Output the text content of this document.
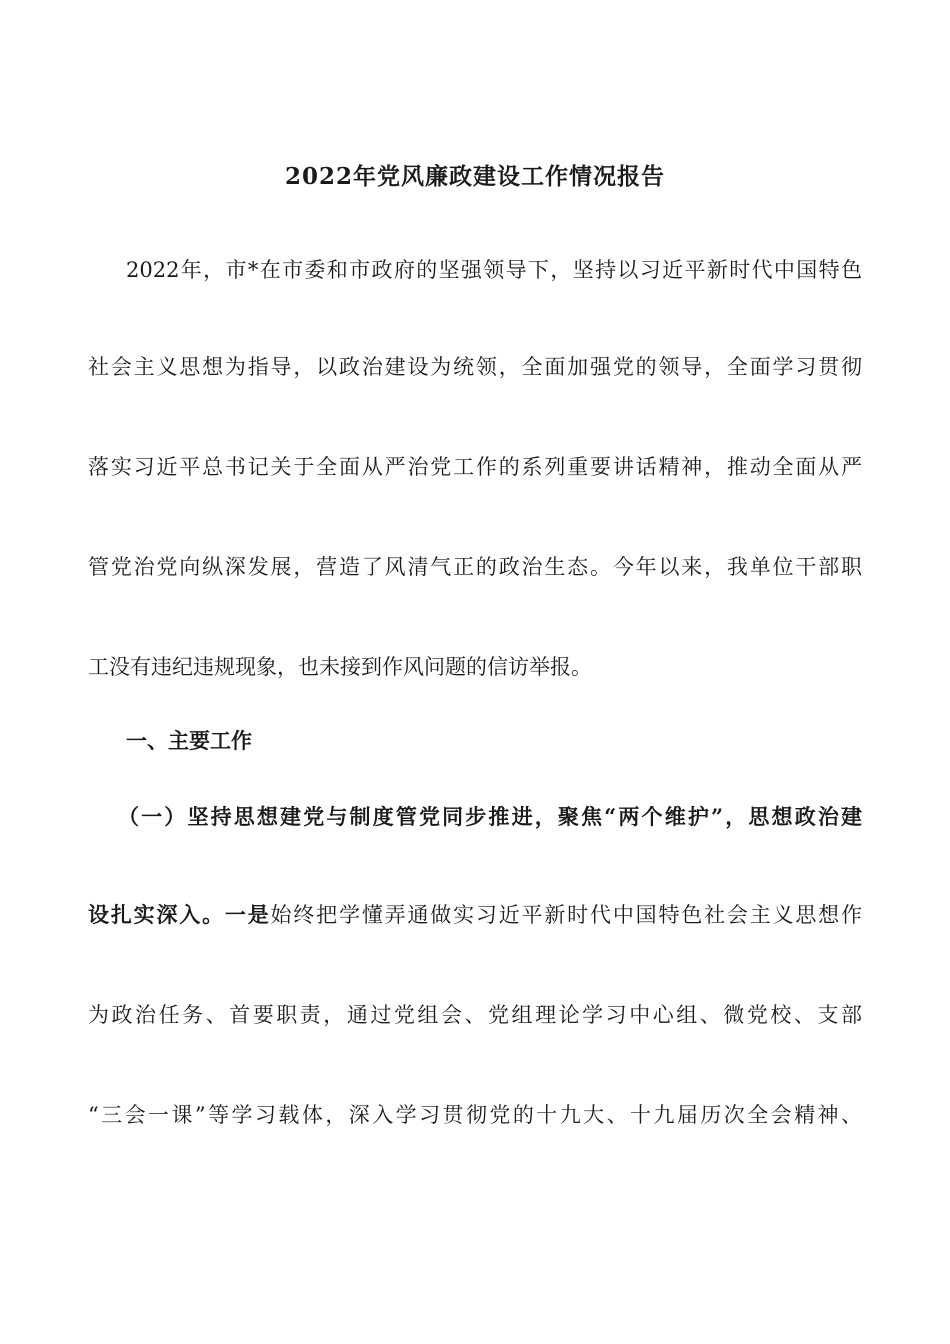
2022年党风廉政建设工作情况报告
2022年，市*在市委和市政府的坚强领导下，坚持以习近平新时代中国特色
社会主义思想为指导，以政治建设为统领，全面加强党的领导，全面学习贯彻
落实习近平总书记关于全面从严治党工作的系列重要讲话精神，推动全面从严
管党治党向纵深发展，营造了风清气正的政治生态。今年以来，我单位干部职
工没有违纪违规现象，也未接到作风问题的信访举报。
一、主要工作
（一）坚持思想建党与制度管党同步推进，聚焦“两个维护”，思想政治建
设扎实深入。一是始终把学懂弄通做实习近平新时代中国特色社会主义思想作
为政治任务、首要职责，通过党组会、党组理论学习中心组、微党校、支部
“三会一课”等学习载体，深入学习贯彻党的十九大、十九届历次全会精神、
